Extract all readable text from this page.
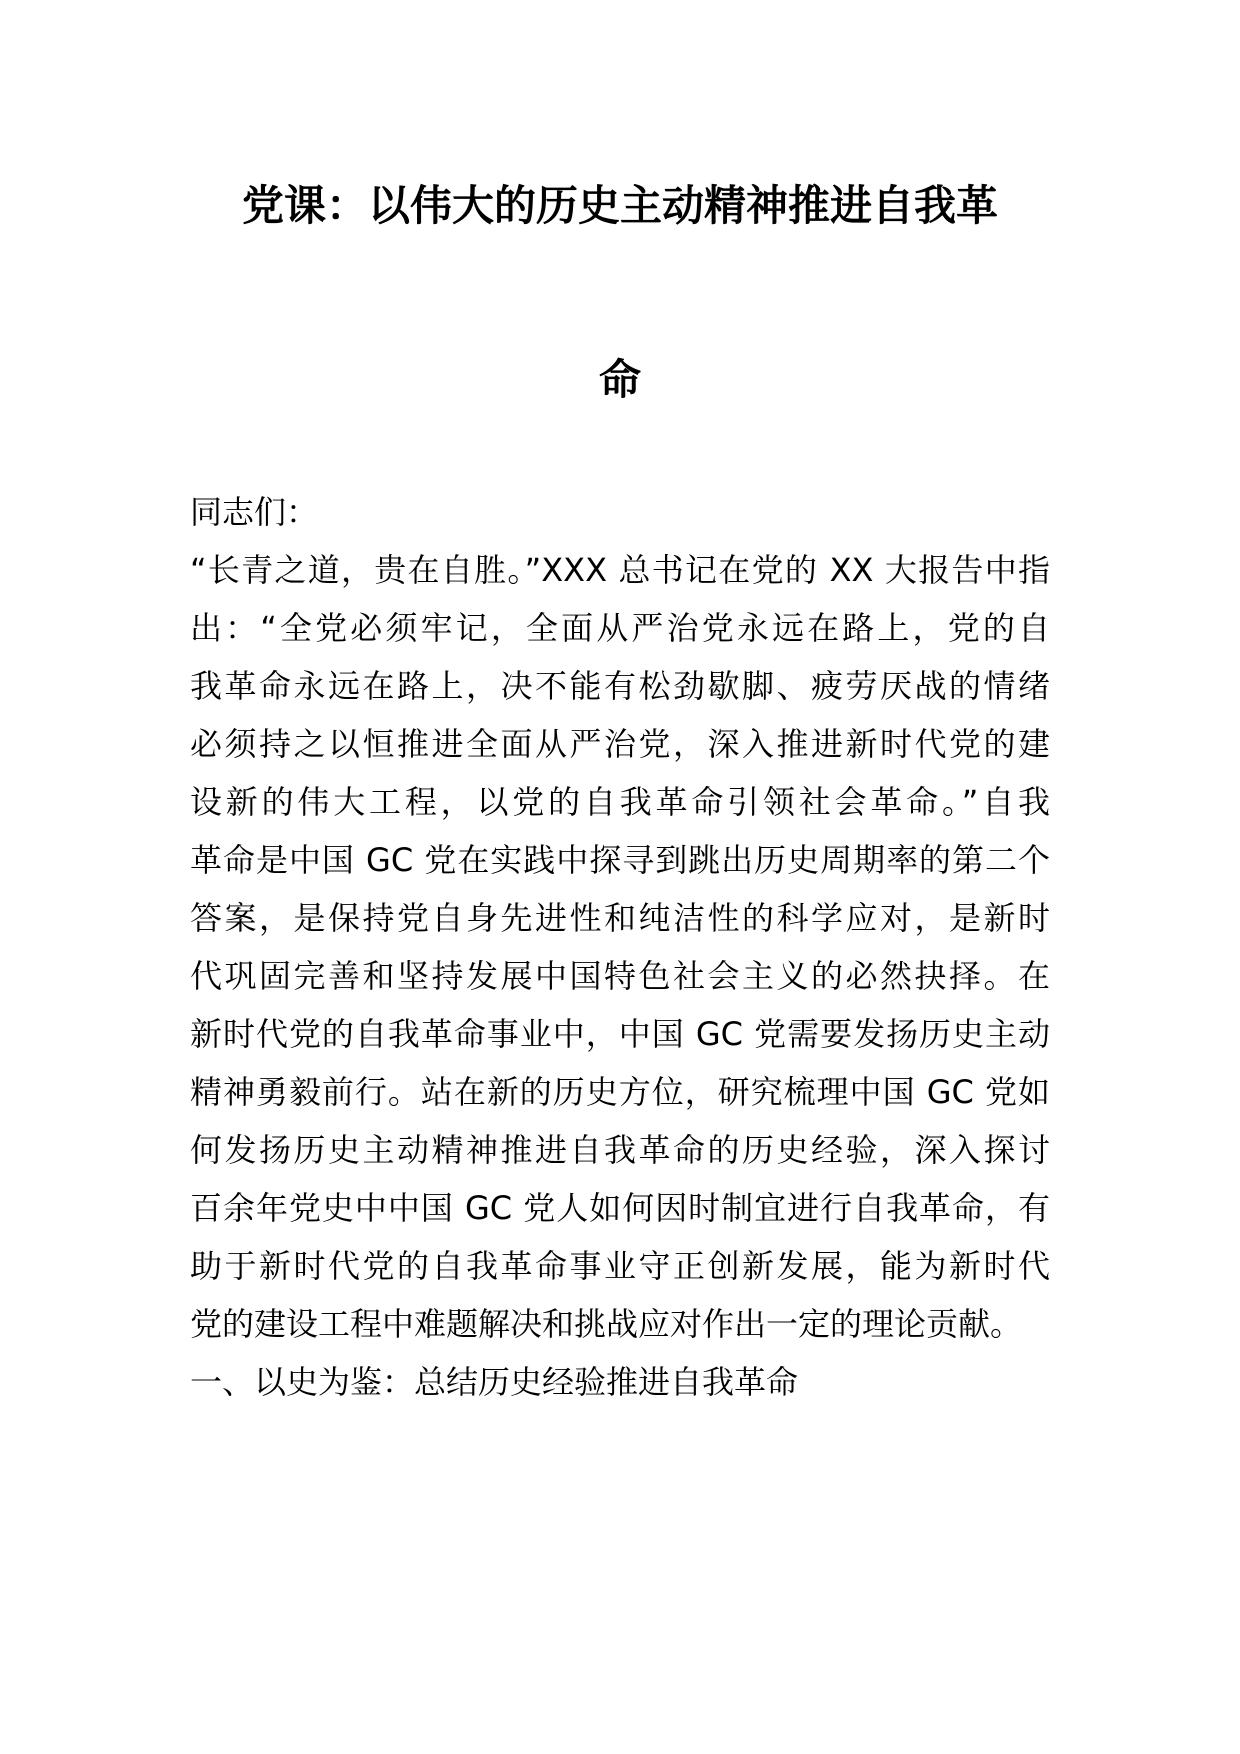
党课：以伟大的历史主动精神推进自我革
命
同志们：
“长青之道，贵在自胜。”XXX 总书记在党的 XX 大报告中指
出：“全党必须牢记，全面从严治党永远在路上，党的自
我革命永远在路上，决不能有松劲歇脚、疲劳厌战的情绪
必须持之以恒推进全面从严治党，深入推进新时代党的建
设新的伟大工程，以党的自我革命引领社会革命。”自我
革命是中国 GC 党在实践中探寻到跳出历史周期率的第二个
答案，是保持党自身先进性和纯洁性的科学应对，是新时
代巩固完善和坚持发展中国特色社会主义的必然抉择。在
新时代党的自我革命事业中，中国 GC 党需要发扬历史主动
精神勇毅前行。站在新的历史方位，研究梳理中国 GC 党如
何发扬历史主动精神推进自我革命的历史经验，深入探讨
百余年党史中中国 GC 党人如何因时制宜进行自我革命，有
助于新时代党的自我革命事业守正创新发展，能为新时代
党的建设工程中难题解决和挑战应对作出一定的理论贡献。
一、以史为鉴：总结历史经验推进自我革命
